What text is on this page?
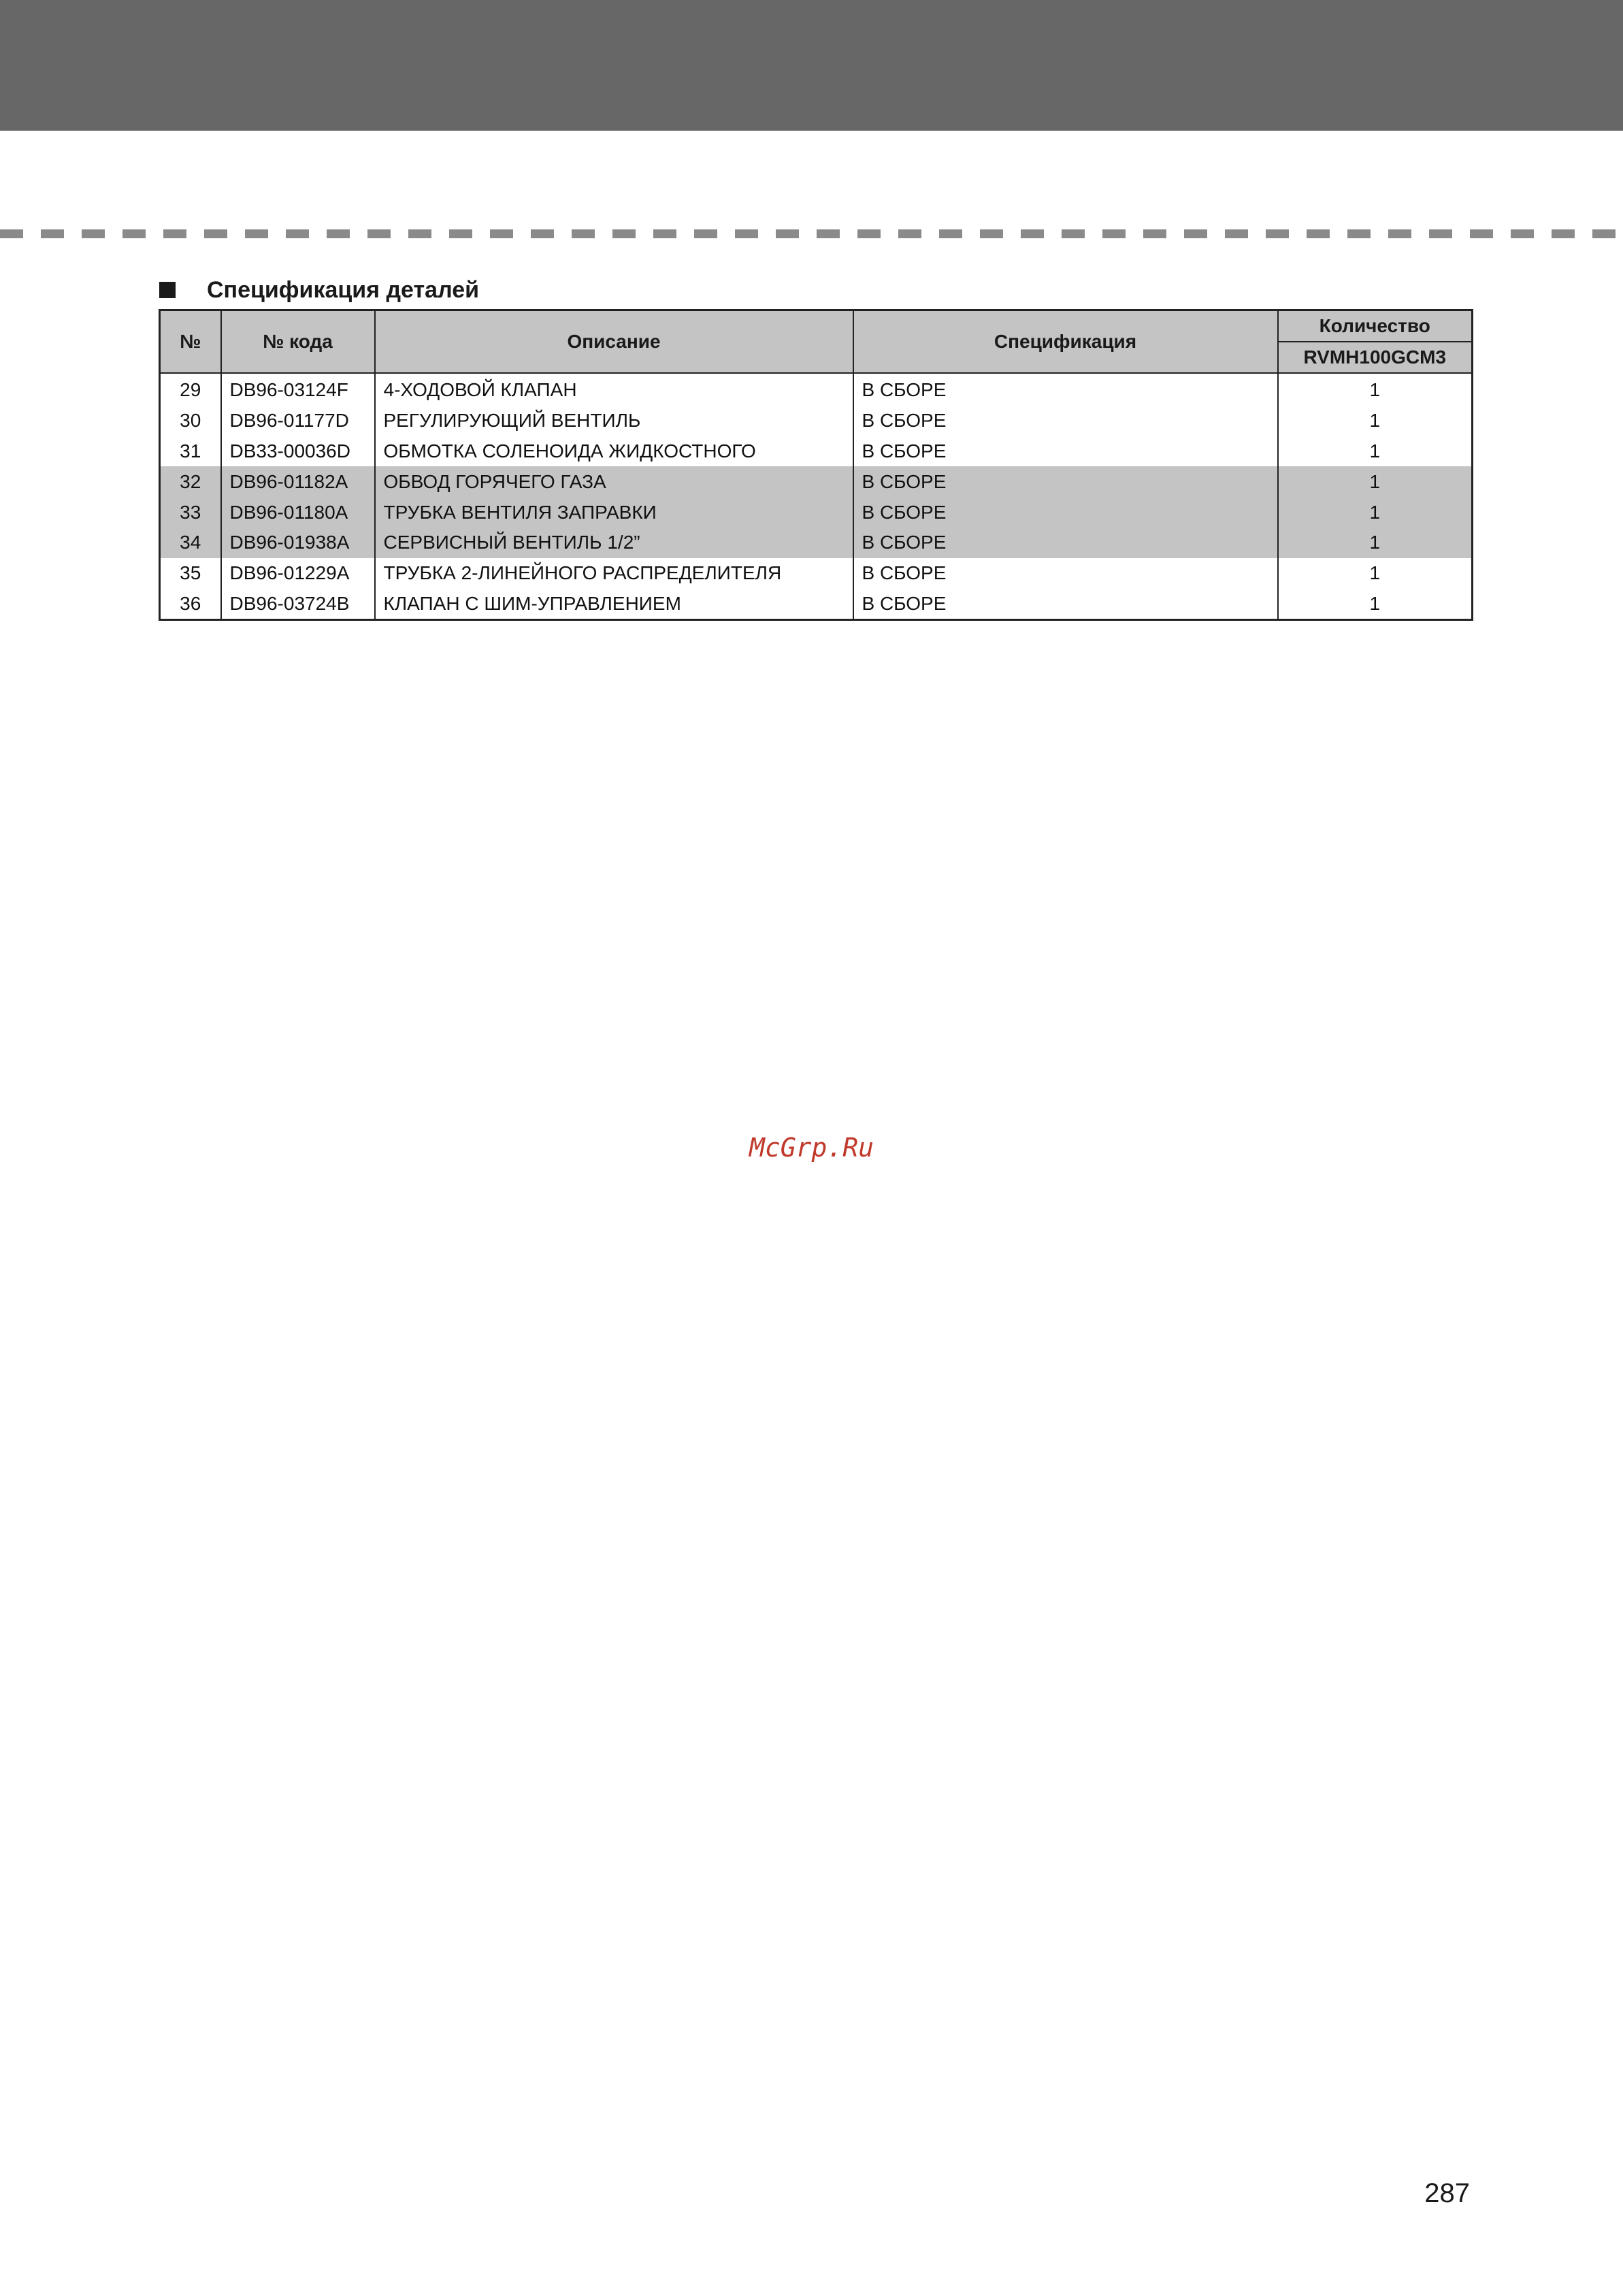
Спецификация деталей
№	№ кода	Описание	Спецификация	Количество
				RVMH100GCM3
29	DB96-03124F	4-ХОДОВОЙ КЛАПАН	В СБОРЕ	1
30	DB96-01177D	РЕГУЛИРУЮЩИЙ ВЕНТИЛЬ	В СБОРЕ	1
31	DB33-00036D	ОБМОТКА СОЛЕНОИДА ЖИДКОСТНОГО	В СБОРЕ	1
32	DB96-01182A	ОБВОД ГОРЯЧЕГО ГАЗА	В СБОРЕ	1
33	DB96-01180A	ТРУБКА ВЕНТИЛЯ ЗАПРАВКИ	В СБОРЕ	1
34	DB96-01938A	СЕРВИСНЫЙ ВЕНТИЛЬ 1/2”	В СБОРЕ	1
35	DB96-01229A	ТРУБКА 2-ЛИНЕЙНОГО РАСПРЕДЕЛИТЕЛЯ	В СБОРЕ	1
36	DB96-03724B	КЛАПАН С ШИМ-УПРАВЛЕНИЕМ	В СБОРЕ	1
McGrp.Ru
287
